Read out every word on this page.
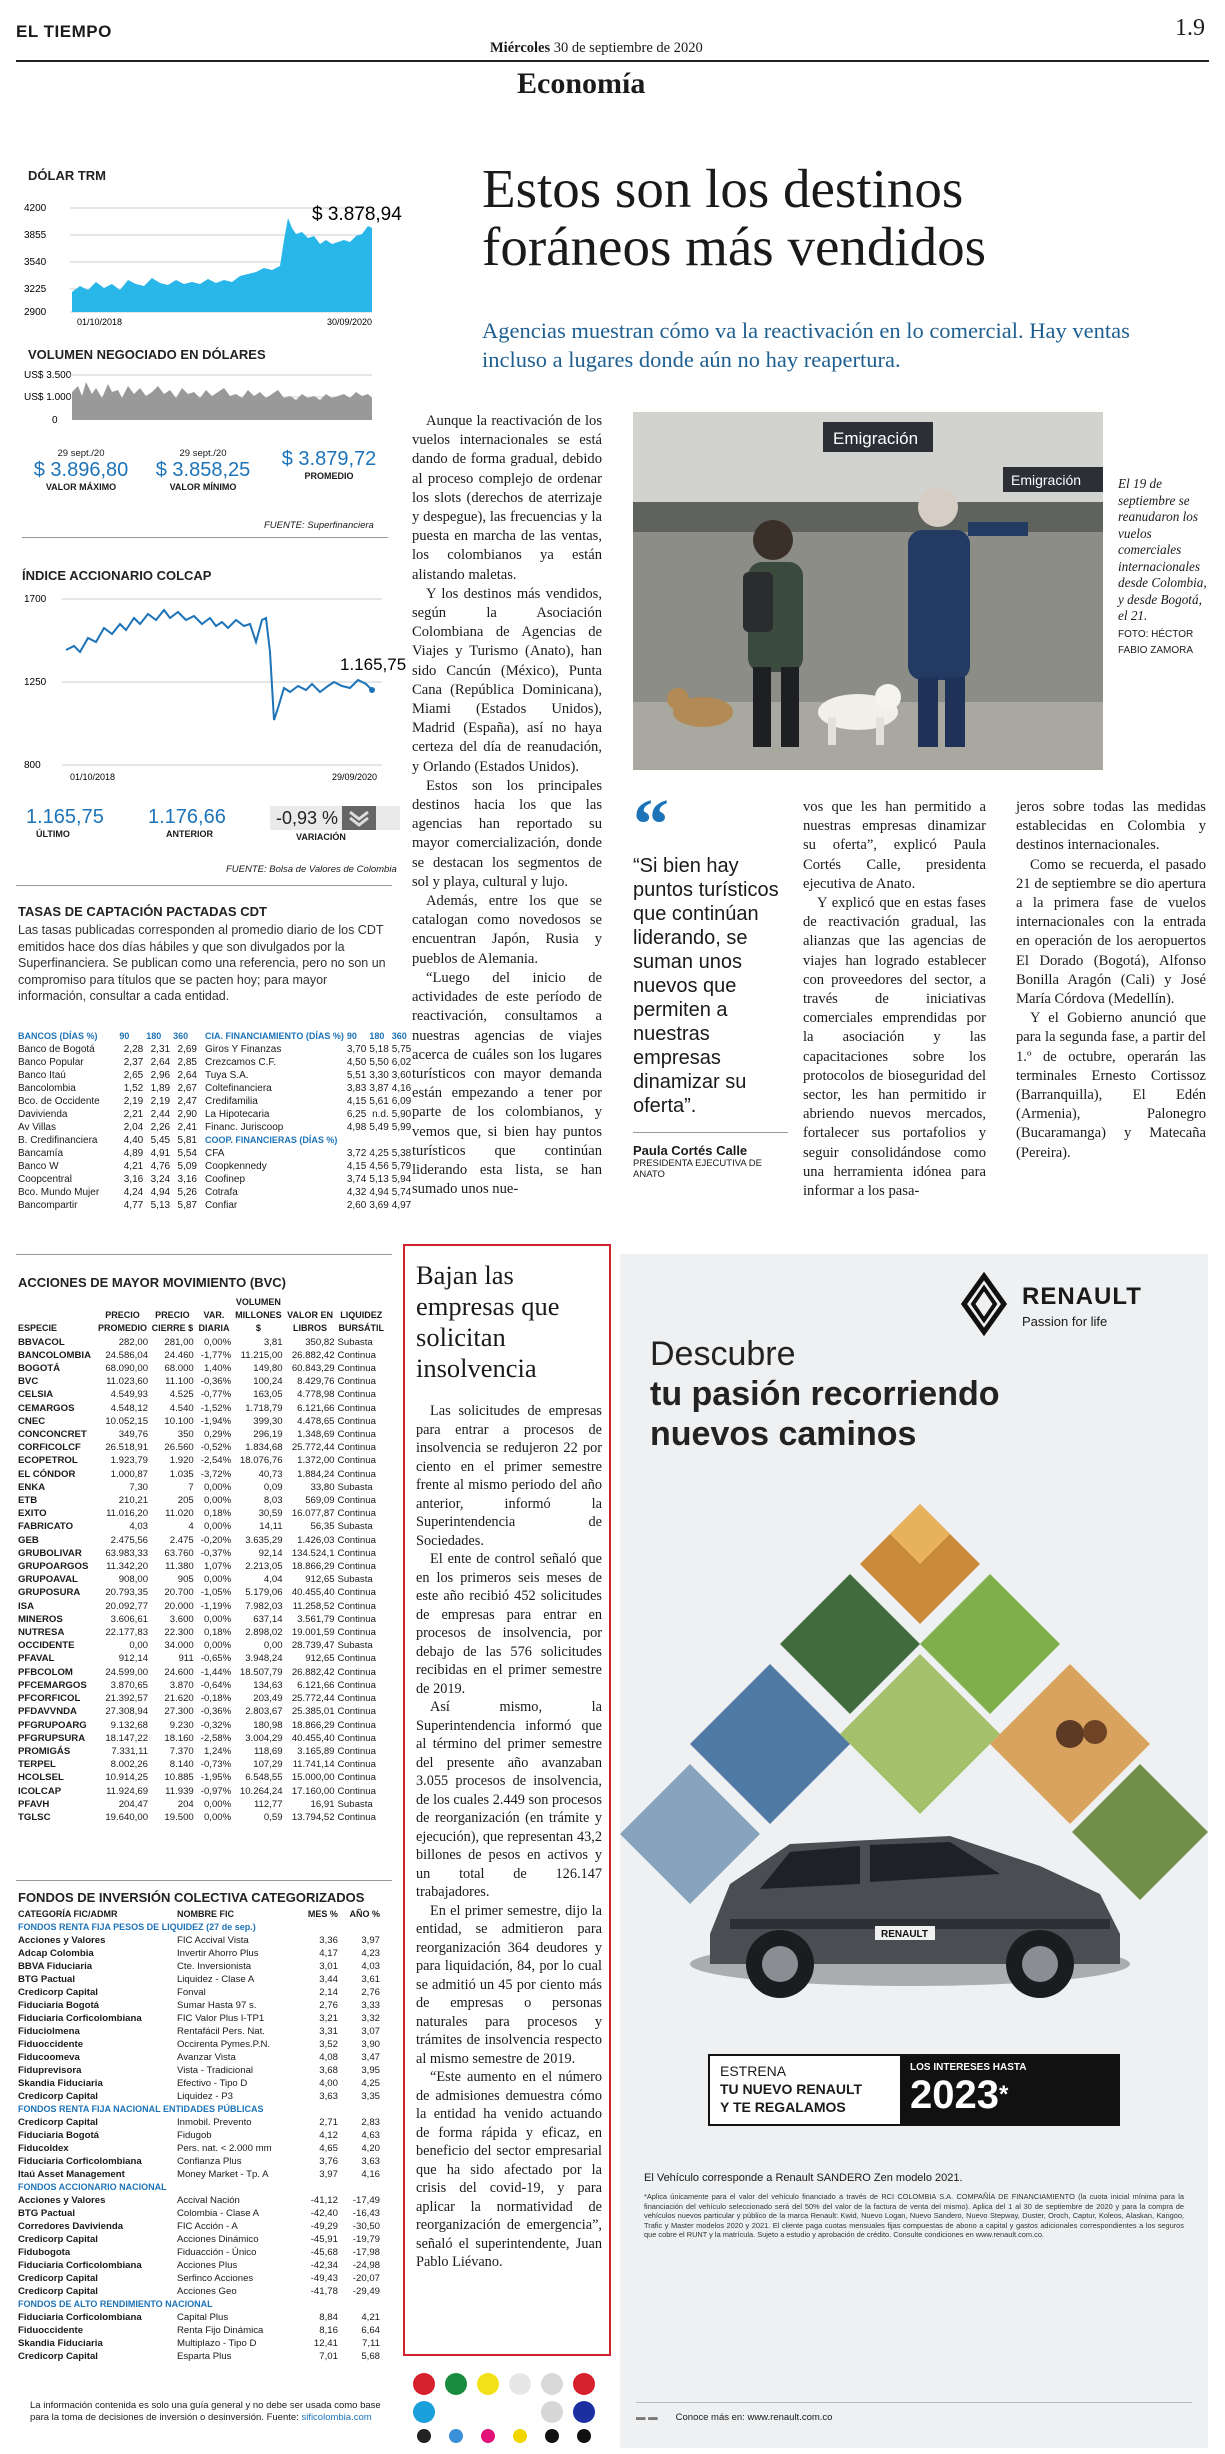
EL TIEMPO
Miércoles 30 de septiembre de 2020
1.9
Economía
DÓLAR TRM
4200
3855
3540
3225
2900
$ 3.878,94
01/10/2018	30/09/2020
VOLUMEN NEGOCIADO EN DÓLARES
US$ 3.500
US$ 1.000
0
29 sept./20
$ 3.896,80
VALOR MÁXIMO
29 sept./20
$ 3.858,25
VALOR MÍNIMO
$ 3.879,72
PROMEDIO
FUENTE: Superfinanciera
ÍNDICE ACCIONARIO COLCAP
1700
1250
800
1.165,75
01/10/2018	29/09/2020
1.165,75
ÚLTIMO
1.176,66
ANTERIOR
-0,93 %
VARIACIÓN
FUENTE: Bolsa de Valores de Colombia
TASAS DE CAPTACIÓN PACTADAS CDT
Las tasas publicadas corresponden al promedio diario de los CDT emitidos hace dos días hábiles y que son divulgados por la Superfinanciera. Se publican como una referencia, pero no son un compromiso para títulos que se pacten hoy; para mayor información, consultar a cada entidad.
BANCOS (DÍAS %)	90	180	360
Banco de Bogotá	2,28	2,31	2,69
Banco Popular	2,37	2,64	2,85
Banco Itaú	2,65	2,96	2,64
Bancolombia	1,52	1,89	2,67
Bco. de Occidente	2,19	2,19	2,47
Davivienda	2,21	2,44	2,90
Av Villas	2,04	2,26	2,41
B. Credifinanciera	4,40	5,45	5,81
Bancamía	4,89	4,91	5,54
Banco W	4,21	4,76	5,09
Coopcentral	3,16	3,24	3,16
Bco. Mundo Mujer	4,24	4,94	5,26
Bancompartir	4,77	5,13	5,87
CIA. FINANCIAMIENTO (DÍAS %)	90	180	360
Giros Y Finanzas	3,70	5,18	5,75
Crezcamos C.F.	4,50	5,50	6,02
Tuya S.A.	5,51	3,30	3,60
Coltefinanciera	3,83	3,87	4,16
Credifamilia	4,15	5,61	6,09
La Hipotecaria	6,25	n.d.	5,90
Financ. Juriscoop	4,98	5,49	5,99
COOP. FINANCIERAS (DÍAS %)			
CFA	3,72	4,25	5,38
Coopkennedy	4,15	4,56	5,79
Coofinep	3,74	5,13	5,94
Cotrafa	4,32	4,94	5,74
Confiar	2,60	3,69	4,97
ACCIONES DE MAYOR MOVIMIENTO (BVC)
ESPECIE	PRECIO PROMEDIO	PRECIO CIERRE $	VAR. DIARIA	VOLUMEN MILLONES $	VALOR EN LIBROS	LIQUIDEZ BURSÁTIL
BBVACOL	282,00	281,00	0,00%	3,81	350,82	Subasta
BANCOLOMBIA	24.586,04	24.460	-1,77%	11.215,00	26.882,42	Continua
BOGOTÁ	68.090,00	68.000	1,40%	149,80	60.843,29	Continua
BVC	11.023,60	11.100	-0,36%	100,24	8.429,76	Continua
CELSIA	4.549,93	4.525	-0,77%	163,05	4.778,98	Continua
CEMARGOS	4.548,12	4.540	-1,52%	1.718,79	6.121,66	Continua
CNEC	10.052,15	10.100	-1,94%	399,30	4.478,65	Continua
CONCONCRET	349,76	350	0,29%	296,19	1.348,69	Continua
CORFICOLCF	26.518,91	26.560	-0,52%	1.834,68	25.772,44	Continua
ECOPETROL	1.923,79	1.920	-2,54%	18.076,76	1.372,00	Continua
EL CÓNDOR	1.000,87	1.035	-3,72%	40,73	1.884,24	Continua
ENKA	7,30	7	0,00%	0,09	33,80	Subasta
ETB	210,21	205	0,00%	8,03	569,09	Continua
EXITO	11.016,20	11.020	0,18%	30,59	16.077,87	Continua
FABRICATO	4,03	4	0,00%	14,11	56,35	Subasta
GEB	2.475,56	2.475	-0,20%	3.635,29	1.426,03	Continua
GRUBOLIVAR	63.983,33	63.760	-0,37%	92,14	134.524,1	Continua
GRUPOARGOS	11.342,20	11.380	1,07%	2.213,05	18.866,29	Continua
GRUPOAVAL	908,00	905	0,00%	4,04	912,65	Subasta
GRUPOSURA	20.793,35	20.700	-1,05%	5.179,06	40.455,40	Continua
ISA	20.092,77	20.000	-1,19%	7.982,03	11.258,52	Continua
MINEROS	3.606,61	3.600	0,00%	637,14	3.561,79	Continua
NUTRESA	22.177,83	22.300	0,18%	2.898,02	19.001,59	Continua
OCCIDENTE	0,00	34.000	0,00%	0,00	28.739,47	Subasta
PFAVAL	912,14	911	-0,65%	3.948,24	912,65	Continua
PFBCOLOM	24.599,00	24.600	-1,44%	18.507,79	26.882,42	Continua
PFCEMARGOS	3.870,65	3.870	-0,64%	134,63	6.121,66	Continua
PFCORFICOL	21.392,57	21.620	-0,18%	203,49	25.772,44	Continua
PFDAVVNDA	27.308,94	27.300	-0,36%	2.803,67	25.385,01	Continua
PFGRUPOARG	9.132,68	9.230	-0,32%	180,98	18.866,29	Continua
PFGRUPSURA	18.147,22	18.160	-2,58%	3.004,29	40.455,40	Continua
PROMIGÁS	7.331,11	7.370	1,24%	118,69	3.165,89	Continua
TERPEL	8.002,26	8.140	-0,73%	107,29	11.741,14	Continua
HCOLSEL	10.914,25	10.885	-1,95%	6.548,55	15.000,00	Continua
ICOLCAP	11.924,69	11.939	-0,97%	10.264,24	17.160,00	Continua
PFAVH	204,47	204	0,00%	112,77	16,91	Subasta
TGLSC	19.640,00	19.500	0,00%	0,59	13.794,52	Continua
FONDOS DE INVERSIÓN COLECTIVA CATEGORIZADOS
CATEGORÍA FIC/ADMR	NOMBRE FIC	MES %	AÑO %
FONDOS RENTA FIJA PESOS DE LIQUIDEZ (27 de sep.)			
Acciones y Valores	FIC Accival Vista	3,36	3,97
Adcap Colombia	Invertir Ahorro Plus	4,17	4,23
BBVA Fiduciaria	Cte. Inversionista	3,01	4,03
BTG Pactual	Liquidez - Clase A	3,44	3,61
Credicorp Capital	Fonval	2,14	2,76
Fiduciaria Bogotá	Sumar Hasta 97 s.	2,76	3,33
Fiduciaria Corficolombiana	FIC Valor Plus I-TP1	3,21	3,32
Fiduciolmena	Rentafácil Pers. Nat.	3,31	3,07
Fiduoccidente	Occirenta Pymes.P.N.	3,52	3,90
Fiducoomeva	Avanzar Vista	4,08	3,47
Fiduprevisora	Vista - Tradicional	3,68	3,95
Skandia Fiduciaria	Efectivo - Tipo D	4,00	4,25
Credicorp Capital	Liquidez - P3	3,63	3,35
FONDOS RENTA FIJA NACIONAL ENTIDADES PÚBLICAS			
Credicorp Capital	Inmobil. Prevento	2,71	2,83
Fiduciaria Bogotá	Fidugob	4,12	4,63
Fiducoldex	Pers. nat. < 2.000 mm	4,65	4,20
Fiduciaria Corficolombiana	Confianza Plus	3,76	3,63
Itaú Asset Management	Money Market - Tp. A	3,97	4,16
FONDOS ACCIONARIO NACIONAL			
Acciones y Valores	Accival Nación	-41,12	-17,49
BTG Pactual	Colombia - Clase A	-42,40	-16,43
Corredores Davivienda	FIC Acción - A	-49,29	-30,50
Credicorp Capital	Acciones Dinámico	-45,91	-19,79
Fidubogota	Fiduacción - Único	-45,68	-17,98
Fiduciaria Corficolombiana	Acciones Plus	-42,34	-24,98
Credicorp Capital	Serfinco Acciones	-49,43	-20,07
Credicorp Capital	Acciones Geo	-41,78	-29,49
FONDOS DE ALTO RENDIMIENTO NACIONAL			
Fiduciaria Corficolombiana	Capital Plus	8,84	4,21
Fiduoccidente	Renta Fijo Dinámica	8,16	6,64
Skandia Fiduciaria	Multiplazo - Tipo D	12,41	7,11
Credicorp Capital	Esparta Plus	7,01	5,68
La información contenida es solo una guía general y no debe ser usada como base para la toma de decisiones de inversión o desinversión. Fuente: sificolombia.com
Estos son los destinos
foráneos más vendidos
Agencias muestran cómo va la reactivación en lo comercial. Hay ventas incluso a lugares donde aún no hay reapertura.

Aunque la reactivación de los vuelos internacionales se está dando de forma gradual, debido al proceso complejo de ordenar los slots (derechos de aterrizaje y despegue), las frecuencias y la puesta en marcha de las ventas, los colombianos ya están alistando maletas.

Y los destinos más vendidos, según la Asociación Colombiana de Agencias de Viajes y Turismo (Anato), han sido Cancún (México), Punta Cana (República Dominicana), Miami (Estados Unidos), Madrid (España), así no haya certeza del día de reanudación, y Orlando (Estados Unidos).

Estos son los principales destinos hacia los que las agencias han reportado su mayor comercialización, donde se destacan los segmentos de sol y playa, cultural y lujo.

Además, entre los que se catalogan como novedosos se encuentran Japón, Rusia y pueblos de Alemania.

“Luego del inicio de actividades de este período de reactivación, consultamos a nuestras agencias de viajes acerca de cuáles son los lugares turísticos con mayor demanda están empezando a tener por parte de los colombianos, y vemos que, si bien hay puntos turísticos que continúan liderando esta lista, se han sumado unos nue-

Emigración
Emigración	El 19 de septiembre se reanudaron los vuelos comerciales internacionales desde Colombia, y desde Bogotá, el 21.
FOTO: HÉCTOR FABIO ZAMORA
“
“Si bien hay puntos turísticos que continúan liderando, se suman unos nuevos que permiten a nuestras empresas dinamizar su oferta”.
Paula Cortés Calle
PRESIDENTA EJECUTIVA DE ANATO

vos que les han permitido a nuestras empresas dinamizar su oferta”, explicó Paula Cortés Calle, presidenta ejecutiva de Anato.

Y explicó que en estas fases de reactivación gradual, las alianzas que las agencias de viajes han logrado establecer con proveedores del sector, a través de iniciativas comerciales emprendidas por la asociación y las capacitaciones sobre los protocolos de bioseguridad del sector, les han permitido ir abriendo nuevos mercados, fortalecer sus portafolios y seguir consolidándose como una herramienta idónea para informar a los pasa-

jeros sobre todas las medidas establecidas en Colombia y destinos internacionales.

Como se recuerda, el pasado 21 de septiembre se dio apertura a la primera fase de vuelos internacionales con la entrada en operación de los aeropuertos El Dorado (Bogotá), Alfonso Bonilla Aragón (Cali) y José María Córdova (Medellín).

Y el Gobierno anunció que para la segunda fase, a partir del 1.º de octubre, operarán las terminales Ernesto Cortissoz (Barranquilla), El Edén (Armenia), Palonegro (Bucaramanga) y Matecaña (Pereira).

Bajan las empresas que solicitan insolvencia

Las solicitudes de empresas para entrar a procesos de insolvencia se redujeron 22 por ciento en el primer semestre frente al mismo periodo del año anterior, informó la Superintendencia de Sociedades.

El ente de control señaló que en los primeros seis meses de este año recibió 452 solicitudes de empresas para entrar en procesos de insolvencia, por debajo de las 576 solicitudes recibidas en el primer semestre de 2019.

Así mismo, la Superintendencia informó que al término del primer semestre del presente año avanzaban 3.055 procesos de insolvencia, de los cuales 2.449 son procesos de reorganización (en trámite y ejecución), que representan 43,2 billones de pesos en activos y un total de 126.147 trabajadores.

En el primer semestre, dijo la entidad, se admitieron para reorganización 364 deudores y para liquidación, 84, por lo cual se admitió un 45 por ciento más de empresas o personas naturales para procesos y trámites de insolvencia respecto al mismo semestre de 2019.

“Este aumento en el número de admisiones demuestra cómo la entidad ha venido actuando de forma rápida y eficaz, en beneficio del sector empresarial que ha sido afectado por la crisis del covid-19, y para aplicar la normatividad de reorganización de emergencia”, señaló el superintendente, Juan Pablo Liévano.

RENAULT
Passion for life
Descubre
tu pasión recorriendo
nuevos caminos
RENAULT
ESTRENA
TU NUEVO RENAULT
Y TE REGALAMOS
LOS INTERESES HASTA
2023*
El Vehículo corresponde a Renault SANDERO Zen modelo 2021.
*Aplica únicamente para el valor del vehículo financiado a través de RCI COLOMBIA S.A. COMPAÑÍA DE FINANCIAMIENTO (la cuota inicial mínima para la financiación del vehículo seleccionado será del 50% del valor de la factura de venta del mismo). Aplica del 1 al 30 de septiembre de 2020 y para la compra de vehículos nuevos particular y público de la marca Renault: Kwid, Nuevo Logan, Nuevo Sandero, Nuevo Stepway, Duster, Oroch, Captur, Koleos, Alaskan, Kangoo, Trafic y Master modelos 2020 y 2021. El cliente paga cuotas mensuales fijas compuestas de abono a capital y gastos adicionales correspondientes a los seguros que cobre el RUNT y la matrícula. Sujeto a estudio y aprobación de crédito. Consulte condiciones en www.renault.com.co.
▬ ▬ Conoce más en: www.renault.com.co
